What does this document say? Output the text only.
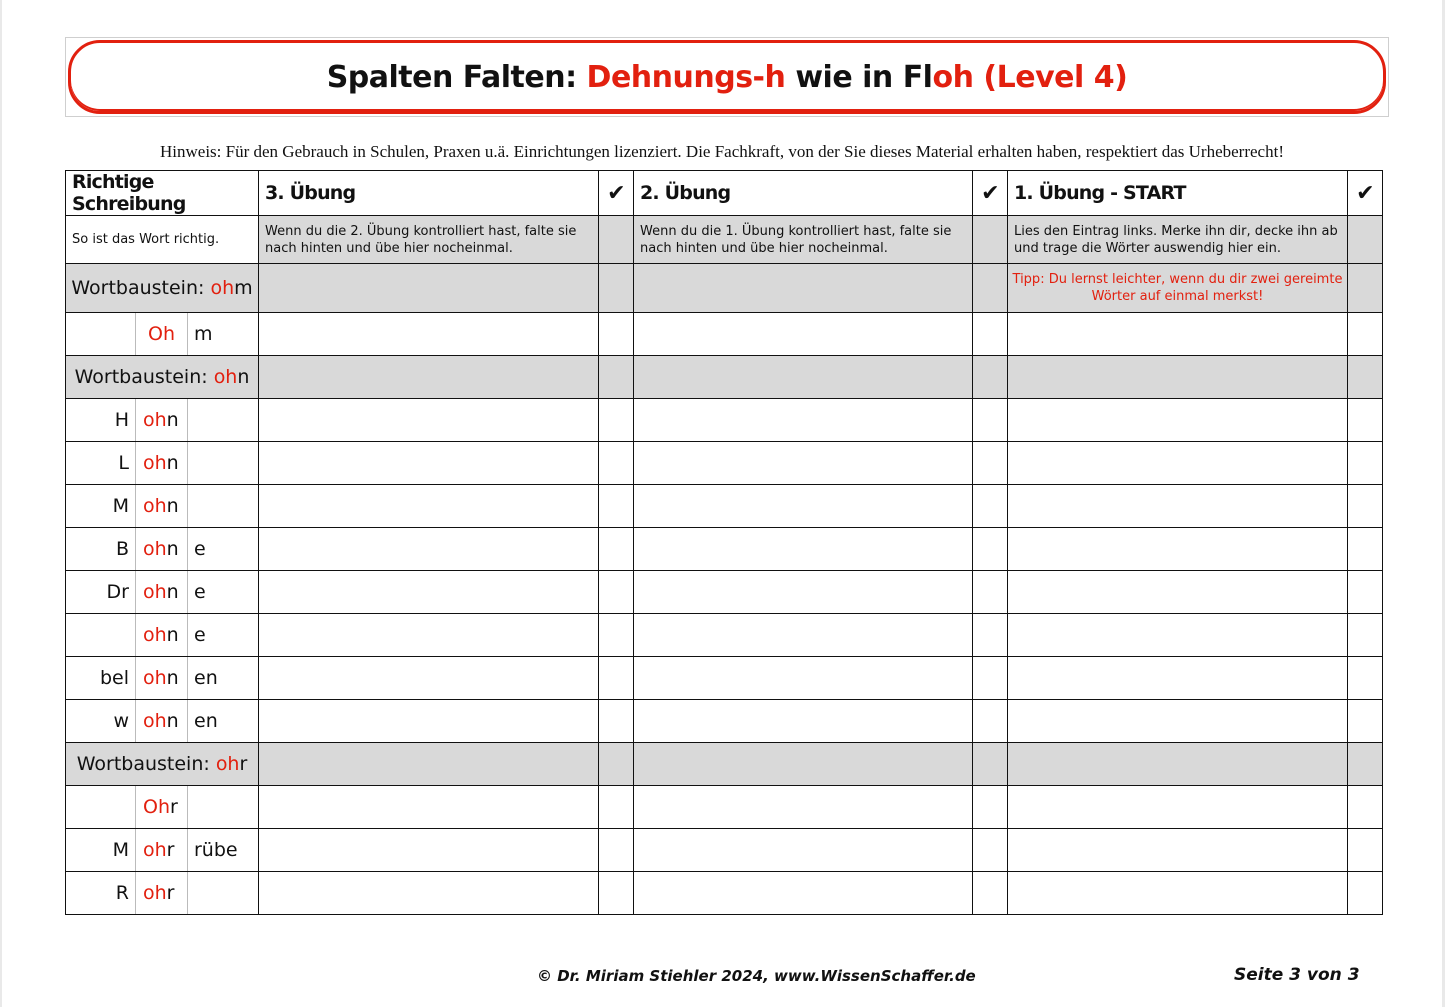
Spalten Falten: Dehnungs-h wie in Floh (Level 4)
Hinweis: Für den Gebrauch in Schulen, Praxen u.ä. Einrichtungen lizenziert. Die Fachkraft, von der Sie dieses Material erhalten haben, respektiert das Urheberrecht!
Richtige Schreibung			3. Übung	✔	2. Übung	✔	1. Übung - START	✔
So ist das Wort richtig.			Wenn du die 2. Übung kontrolliert hast, falte sie nach hinten und übe hier nocheinmal.		Wenn du die 1. Übung kontrolliert hast, falte sie nach hinten und übe hier nocheinmal.		Lies den Eintrag links. Merke ihn dir, decke ihn ab und trage die Wörter auswendig hier ein.	
Wortbaustein: ohm							Tipp: Du lernst leichter, wenn du dir zwei gereimte Wörter auf einmal merkst!	
	Oh	m						
Wortbaustein: ohn								
H	ohn							
L	ohn							
M	ohn							
B	ohn	e						
Dr	ohn	e						
	ohn	e						
bel	ohn	en						
w	ohn	en						
Wortbaustein: ohr								
	Ohr							
M	ohr	rübe						
R	ohr							
© Dr. Miriam Stiehler 2024, www.WissenSchaffer.de	Seite 3 von 3
